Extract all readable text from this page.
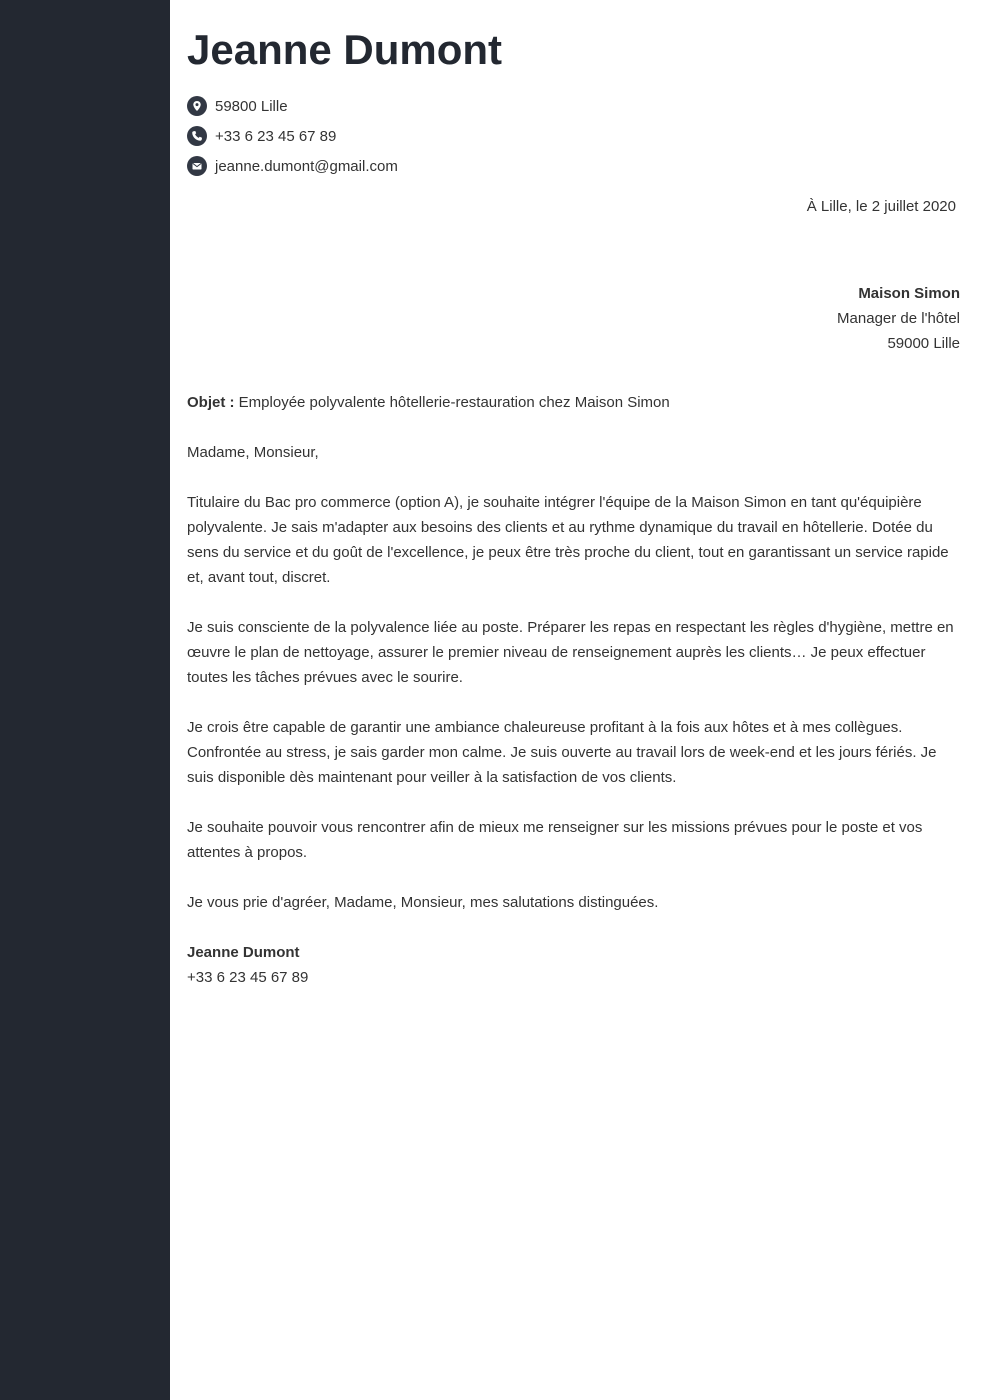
Jeanne Dumont
59800 Lille
+33 6 23 45 67 89
jeanne.dumont@gmail.com
À Lille, le 2 juillet 2020
Maison Simon
Manager de l'hôtel
59000 Lille

Objet : Employée polyvalente hôtellerie-restauration chez Maison Simon

Madame, Monsieur,

Titulaire du Bac pro commerce (option A), je souhaite intégrer l'équipe de la Maison Simon en tant qu'équipière polyvalente. Je sais m'adapter aux besoins des clients et au rythme dynamique du travail en hôtellerie. Dotée du sens du service et du goût de l'excellence, je peux être très proche du client, tout en garantissant un service rapide et, avant tout, discret.

Je suis consciente de la polyvalence liée au poste. Préparer les repas en respectant les règles d'hygiène, mettre en œuvre le plan de nettoyage, assurer le premier niveau de renseignement auprès les clients… Je peux effectuer toutes les tâches prévues avec le sourire.

Je crois être capable de garantir une ambiance chaleureuse profitant à la fois aux hôtes et à mes collègues. Confrontée au stress, je sais garder mon calme. Je suis ouverte au travail lors de week-end et les jours fériés. Je suis disponible dès maintenant pour veiller à la satisfaction de vos clients.

Je souhaite pouvoir vous rencontrer afin de mieux me renseigner sur les missions prévues pour le poste et vos attentes à propos.

Je vous prie d'agréer, Madame, Monsieur, mes salutations distinguées.

Jeanne Dumont
+33 6 23 45 67 89
